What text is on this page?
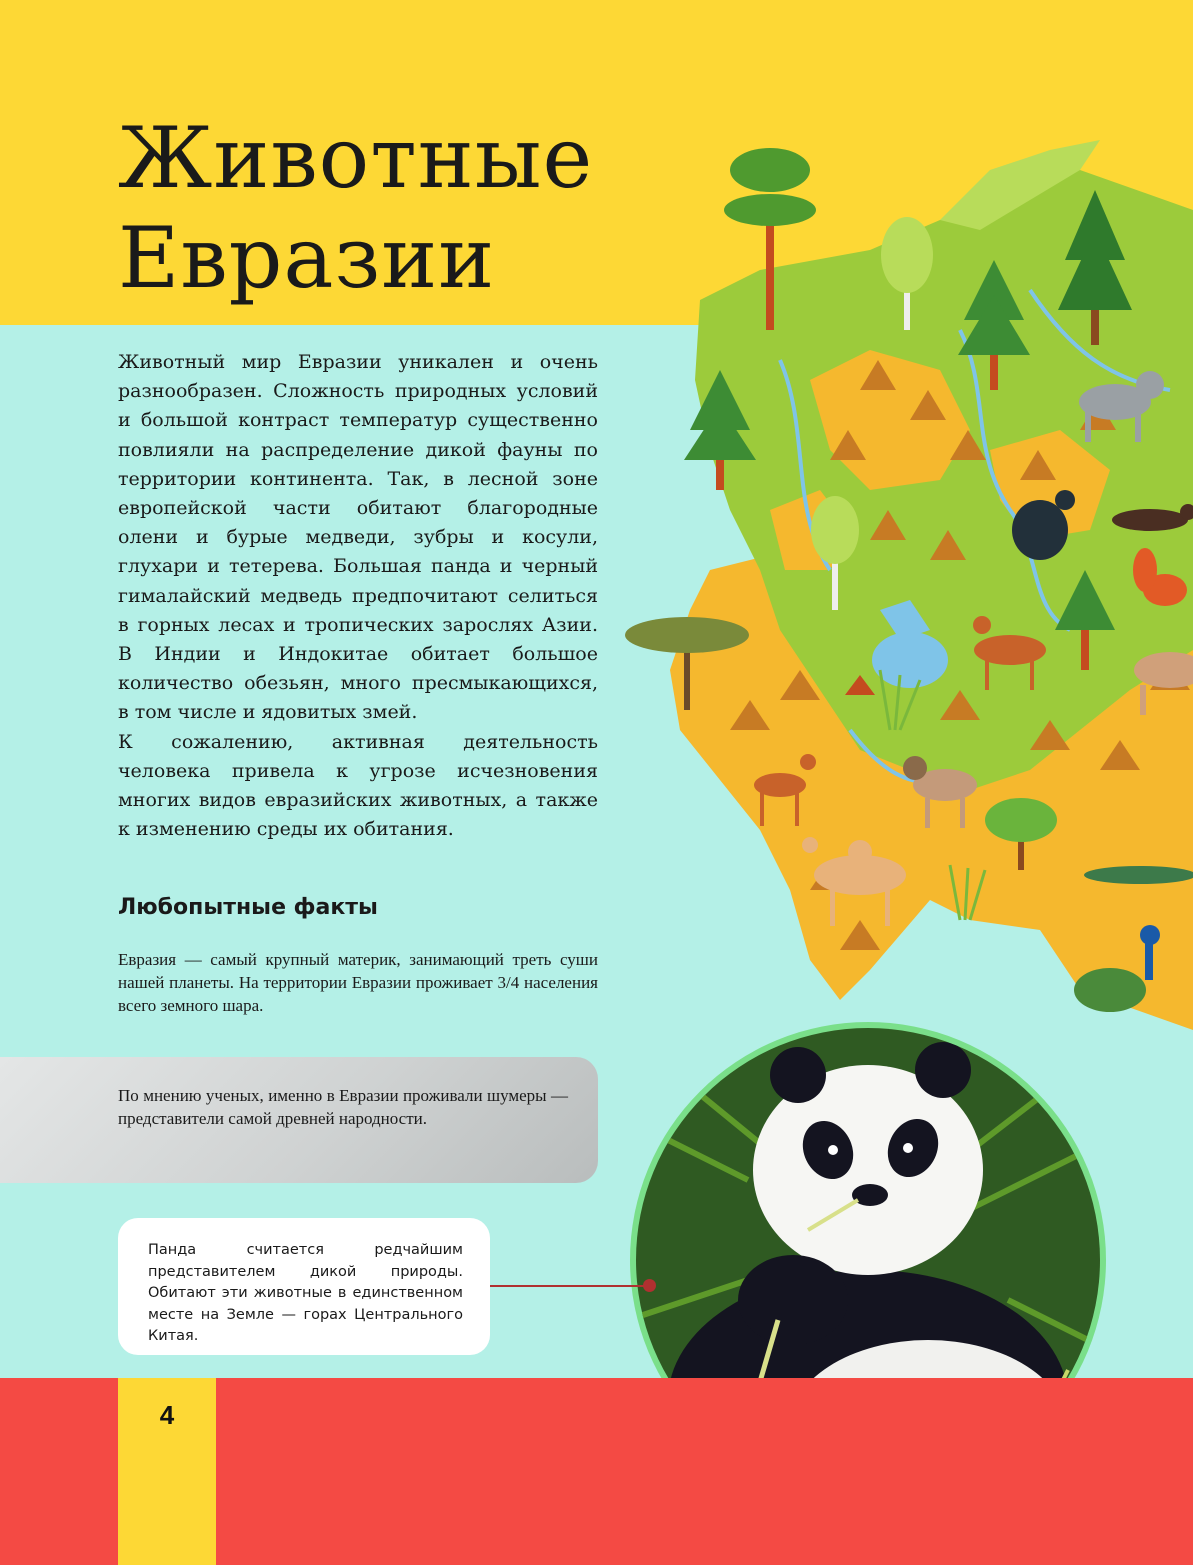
Животные
Евразии
Животный мир Евразии уникален и очень разнообразен. Сложность природных условий и большой контраст температур существенно повлияли на распределение дикой фауны по территории континента. Так, в лесной зоне европейской части обитают благородные олени и бурые медведи, зубры и косули, глухари и тетерева. Большая панда и черный гималайский медведь предпочитают селиться в горных лесах и тропических зарослях Азии. В Индии и Индокитае обитает большое количество обезьян, много пресмыкающихся, в том числе и ядовитых змей.
К сожалению, активная деятельность человека привела к угрозе исчезновения многих видов евразийских животных, а также к изменению среды их обитания.
Любопытные факты

Евразия — самый крупный материк, занимающий треть суши нашей планеты. На территории Евразии проживает 3/4 населения всего земного шара.

По мнению ученых, именно в Евразии проживали шумеры — представители самой древней народности.

Панда считается редчайшим представителем дикой природы. Обитают эти животные в единственном месте на Земле — горах Центрального Китая.

4
